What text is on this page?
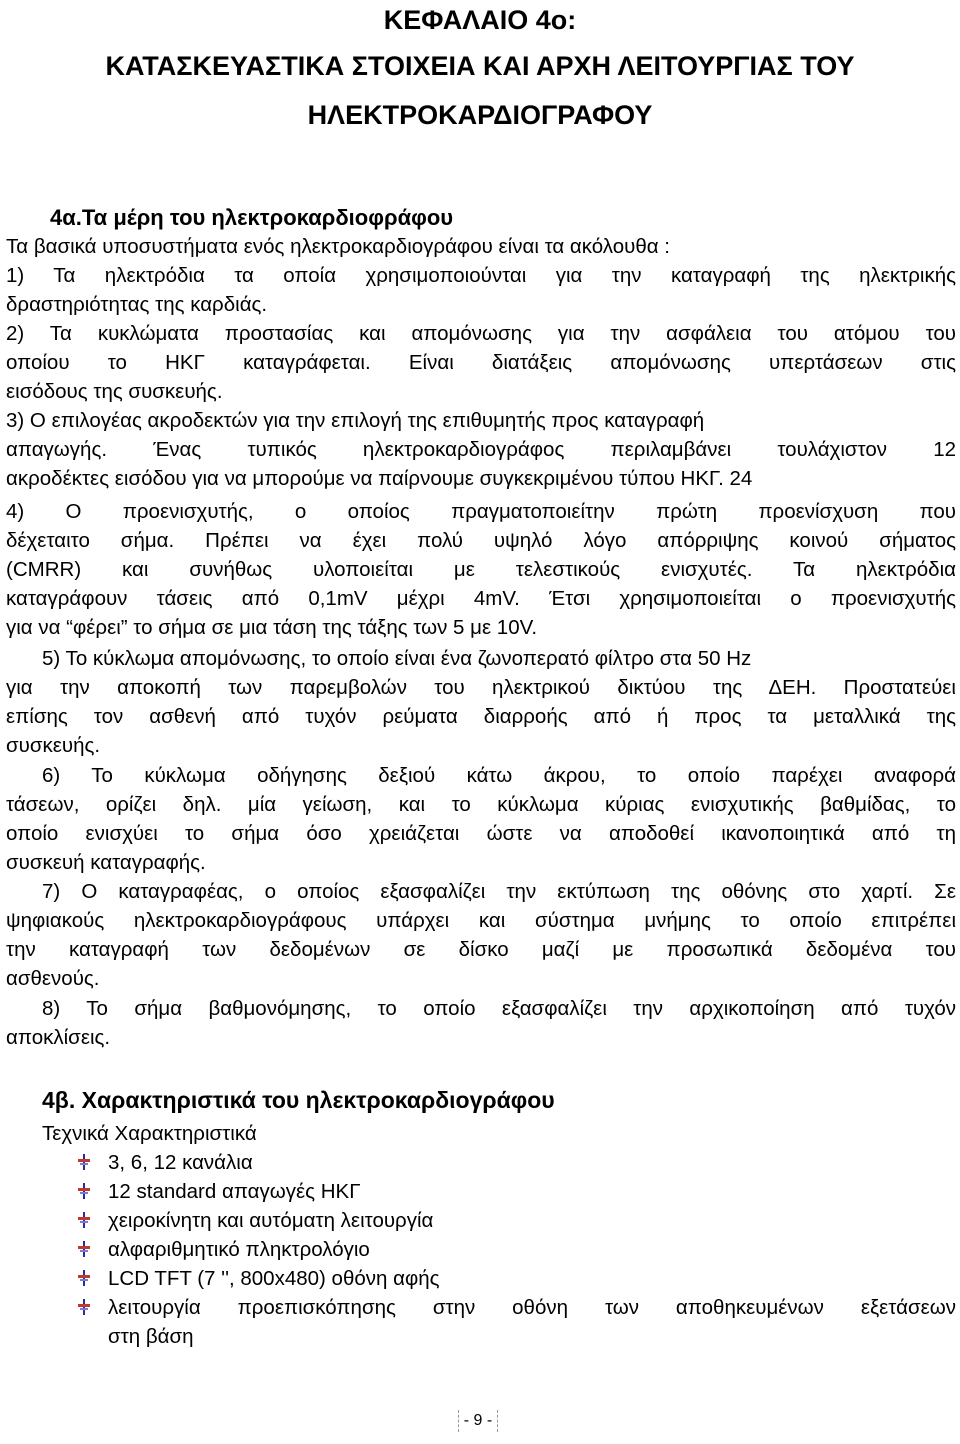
ΚΕΦΑΛΑΙΟ 4ο:
ΚΑΤΑΣΚΕΥΑΣΤΙΚΑ ΣΤΟΙΧΕΙΑ ΚΑΙ ΑΡΧΗ ΛΕΙΤΟΥΡΓΙΑΣ ΤΟΥ
ΗΛΕΚΤΡΟΚΑΡΔΙΟΓΡΑΦΟΥ
4α.Τα μέρη του ηλεκτροκαρδιοφράφου
Τα βασικά υποσυστήματα ενός ηλεκτροκαρδιογράφου είναι τα ακόλουθα :
1) Τα ηλεκτρόδια τα οποία χρησιμοποιούνται για την καταγραφή της ηλεκτρικής
δραστηριότητας της καρδιάς.
2) Τα κυκλώματα προστασίας και απομόνωσης για την ασφάλεια του ατόμου του
οποίου το ΗΚΓ καταγράφεται. Είναι διατάξεις απομόνωσης υπερτάσεων στις
εισόδους της συσκευής.
3) Ο επιλογέας ακροδεκτών για την επιλογή της επιθυμητής προς καταγραφή
απαγωγής. Ένας τυπικός ηλεκτροκαρδιογράφος περιλαμβάνει τουλάχιστον 12
ακροδέκτες εισόδου για να μπορούμε να παίρνουμε συγκεκριμένου τύπου ΗΚΓ. 24
4) Ο προενισχυτής, ο οποίος πραγματοποιείτην πρώτη προενίσχυση που
δέχεταιτο σήμα. Πρέπει να έχει πολύ υψηλό λόγο απόρριψης κοινού σήματος
(CMRR) και συνήθως υλοποιείται με τελεστικούς ενισχυτές. Τα ηλεκτρόδια
καταγράφουν τάσεις από 0,1mV μέχρι 4mV. Έτσι χρησιμοποιείται ο προενισχυτής
για να “φέρει” το σήμα σε μια τάση της τάξης των 5 με 10V.
5) Το κύκλωμα απομόνωσης, το οποίο είναι ένα ζωνοπερατό φίλτρο στα 50 Hz
για την αποκοπή των παρεμβολών του ηλεκτρικού δικτύου της ΔΕΗ. Προστατεύει
επίσης τον ασθενή από τυχόν ρεύματα διαρροής από ή προς τα μεταλλικά της
συσκευής.
6) Το κύκλωμα οδήγησης δεξιού κάτω άκρου, το οποίο παρέχει αναφορά
τάσεων, ορίζει δηλ. μία γείωση, και το κύκλωμα κύριας ενισχυτικής βαθμίδας, το
οποίο ενισχύει το σήμα όσο χρειάζεται ώστε να αποδοθεί ικανοποιητικά από τη
συσκευή καταγραφής.
7) Ο καταγραφέας, ο οποίος εξασφαλίζει την εκτύπωση της οθόνης στο χαρτί. Σε
ψηφιακούς ηλεκτροκαρδιογράφους υπάρχει και σύστημα μνήμης το οποίο επιτρέπει
την καταγραφή των δεδομένων σε δίσκο μαζί με προσωπικά δεδομένα του
ασθενούς.
8) Το σήμα βαθμονόμησης, το οποίο εξασφαλίζει την αρχικοποίηση από τυχόν
αποκλίσεις.
4β. Χαρακτηριστικά του ηλεκτροκαρδιογράφου
Τεχνικά Χαρακτηριστικά
3, 6, 12 κανάλια
12 standard απαγωγές ΗΚΓ
χειροκίνητη και αυτόματη λειτουργία
αλφαριθμητικό πληκτρολόγιο
LCD TFT (7 '', 800x480) οθόνη αφής
λειτουργία προεπισκόπησης στην οθόνη των αποθηκευμένων εξετάσεων
στη βάση
- 9 -
